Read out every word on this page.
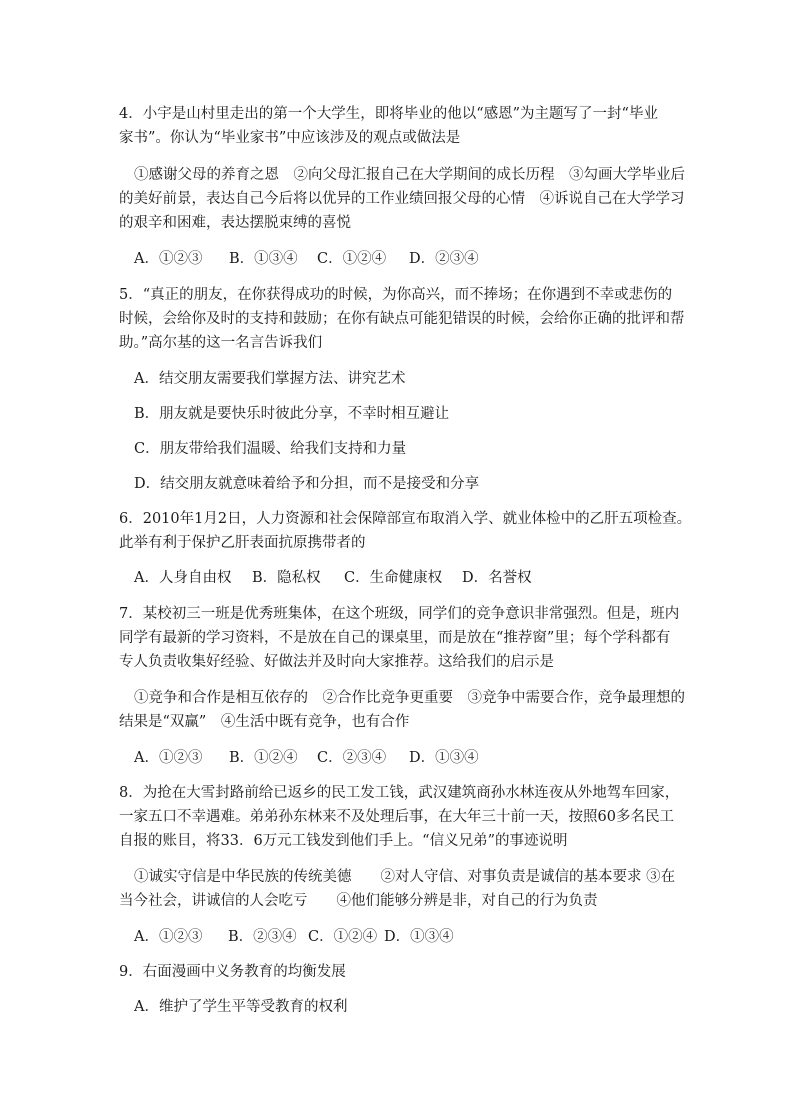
4．小宇是山村里走出的第一个大学生，即将毕业的他以“感恩”为主题写了一封“毕业
家书”。你认为“毕业家书”中应该涉及的观点或做法是
①感谢父母的养育之恩　②向父母汇报自己在大学期间的成长历程　③勾画大学毕业后
的美好前景，表达自己今后将以优异的工作业绩回报父母的心情　④诉说自己在大学学习
的艰辛和困难，表达摆脱束缚的喜悦
A．①②③ B．①③④ C．①②④ D．②③④
5．“真正的朋友，在你获得成功的时候，为你高兴，而不捧场；在你遇到不幸或悲伤的
时候，会给你及时的支持和鼓励；在你有缺点可能犯错误的时候，会给你正确的批评和帮
助。”高尔基的这一名言告诉我们
A．结交朋友需要我们掌握方法、讲究艺术
B．朋友就是要快乐时彼此分享，不幸时相互避让
C．朋友带给我们温暖、给我们支持和力量
D．结交朋友就意味着给予和分担，而不是接受和分享
6．2010年1月2日，人力资源和社会保障部宣布取消入学、就业体检中的乙肝五项检查。
此举有利于保护乙肝表面抗原携带者的
A．人身自由权 B．隐私权 C．生命健康权 D．名誉权
7．某校初三一班是优秀班集体，在这个班级，同学们的竞争意识非常强烈。但是，班内
同学有最新的学习资料，不是放在自己的课桌里，而是放在“推荐窗”里；每个学科都有
专人负责收集好经验、好做法并及时向大家推荐。这给我们的启示是
①竞争和合作是相互依存的　②合作比竞争更重要　③竞争中需要合作，竞争最理想的
结果是“双赢”　④生活中既有竞争，也有合作
A．①②③ B．①②④ C．②③④ D．①③④
8．为抢在大雪封路前给已返乡的民工发工钱，武汉建筑商孙水林连夜从外地驾车回家，
一家五口不幸遇难。弟弟孙东林来不及处理后事，在大年三十前一天，按照60多名民工
自报的账目，将33．6万元工钱发到他们手上。“信义兄弟”的事迹说明
①诚实守信是中华民族的传统美德　　②对人守信、对事负责是诚信的基本要求 ③在
当今社会，讲诚信的人会吃亏　　④他们能够分辨是非，对自己的行为负责
A．①②③ B．②③④ C．①②④ D．①③④
9．右面漫画中义务教育的均衡发展
A．维护了学生平等受教育的权利
